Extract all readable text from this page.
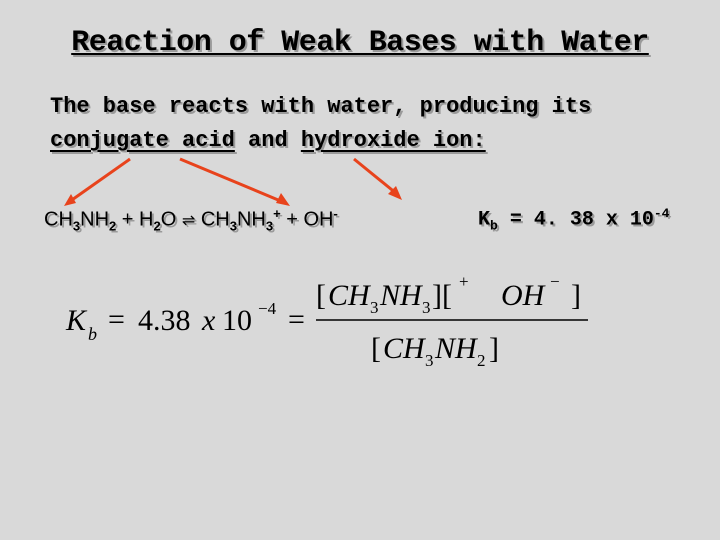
Reaction of Weak Bases with Water
The base reacts with water, producing its
conjugate acid and hydroxide ion:
$CH_3NH_2 + H_2O$ ⇌ $CH_3NH_3^+ + OH^-$	$K_b = 4$. 38 x $10^{-4}$
K b = 4.38 x 10 −4 =
[ CH 3 NH 3
+
][ OH − ]
[ CH 3 NH 2 ]
